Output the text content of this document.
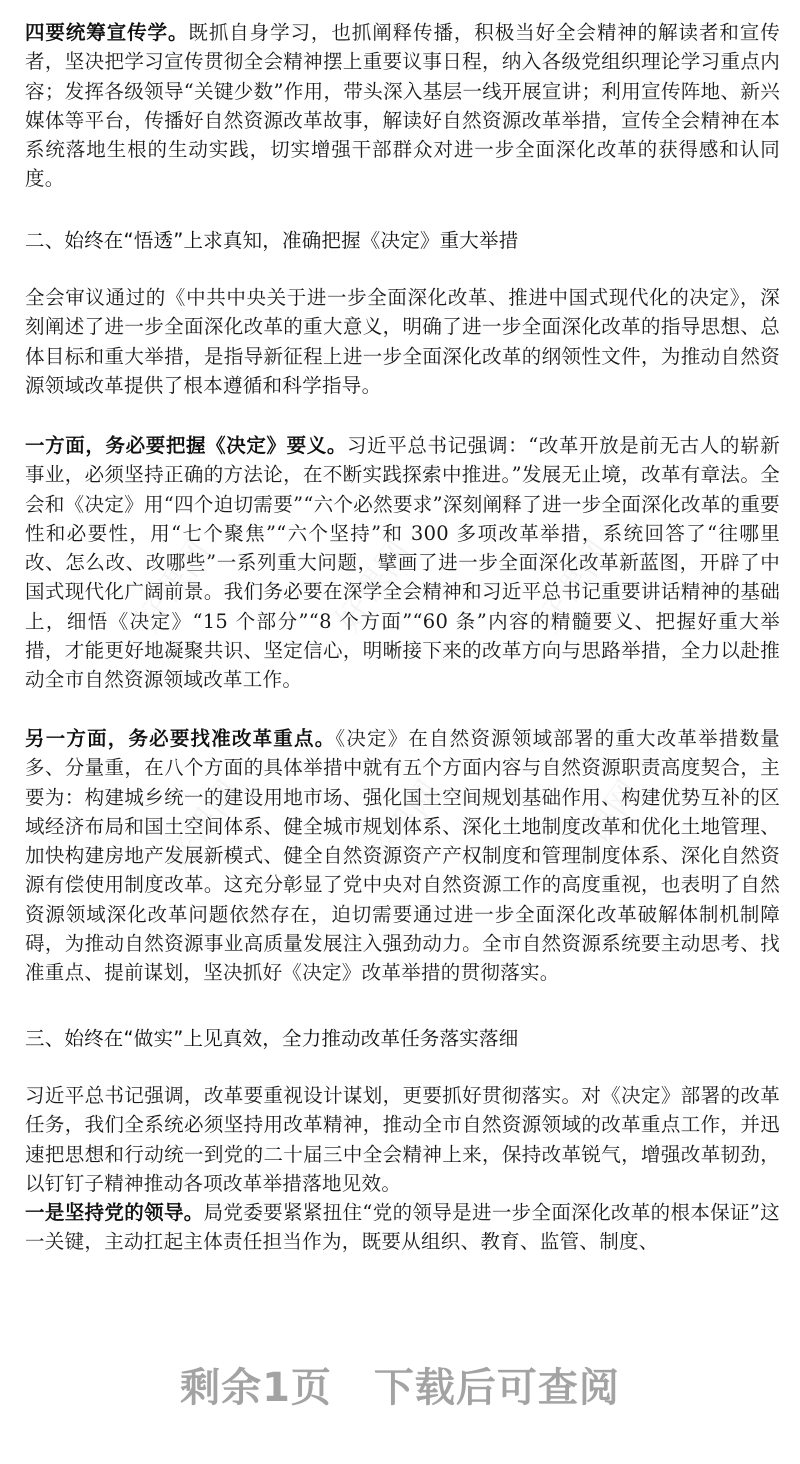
四要统筹宣传学。既抓自身学习，也抓阐释传播，积极当好全会精神的解读者和宣传者，坚决把学习宣传贯彻全会精神摆上重要议事日程，纳入各级党组织理论学习重点内容；发挥各级领导“关键少数”作用，带头深入基层一线开展宣讲；利用宣传阵地、新兴媒体等平台，传播好自然资源改革故事，解读好自然资源改革举措，宣传全会精神在本系统落地生根的生动实践，切实增强干部群众对进一步全面深化改革的获得感和认同度。

二、始终在“悟透”上求真知，准确把握《决定》重大举措

全会审议通过的《中共中央关于进一步全面深化改革、推进中国式现代化的决定》，深刻阐述了进一步全面深化改革的重大意义，明确了进一步全面深化改革的指导思想、总体目标和重大举措，是指导新征程上进一步全面深化改革的纲领性文件，为推动自然资源领域改革提供了根本遵循和科学指导。

一方面，务必要把握《决定》要义。习近平总书记强调：“改革开放是前无古人的崭新事业，必须坚持正确的方法论，在不断实践探索中推进。”发展无止境，改革有章法。全会和《决定》用“四个迫切需要”“六个必然要求”深刻阐释了进一步全面深化改革的重要性和必要性，用“七个聚焦”“六个坚持”和 300 多项改革举措，系统回答了“往哪里改、怎么改、改哪些”一系列重大问题，擘画了进一步全面深化改革新蓝图，开辟了中国式现代化广阔前景。我们务必要在深学全会精神和习近平总书记重要讲话精神的基础上，细悟《决定》“15 个部分”“8 个方面”“60 条”内容的精髓要义、把握好重大举措，才能更好地凝聚共识、坚定信心，明晰接下来的改革方向与思路举措，全力以赴推动全市自然资源领域改革工作。

另一方面，务必要找准改革重点。《决定》在自然资源领域部署的重大改革举措数量多、分量重，在八个方面的具体举措中就有五个方面内容与自然资源职责高度契合，主要为：构建城乡统一的建设用地市场、强化国土空间规划基础作用、构建优势互补的区域经济布局和国土空间体系、健全城市规划体系、深化土地制度改革和优化土地管理、加快构建房地产发展新模式、健全自然资源资产产权制度和管理制度体系、深化自然资源有偿使用制度改革。这充分彰显了党中央对自然资源工作的高度重视，也表明了自然资源领域深化改革问题依然存在，迫切需要通过进一步全面深化改革破解体制机制障碍，为推动自然资源事业高质量发展注入强劲动力。全市自然资源系统要主动思考、找准重点、提前谋划，坚决抓好《决定》改革举措的贯彻落实。

三、始终在“做实”上见真效，全力推动改革任务落实落细

习近平总书记强调，改革要重视设计谋划，更要抓好贯彻落实。对《决定》部署的改革任务，我们全系统必须坚持用改革精神，推动全市自然资源领域的改革重点工作，并迅速把思想和行动统一到党的二十届三中全会精神上来，保持改革锐气，增强改革韧劲，以钉钉子精神推动各项改革举措落地见效。

一是坚持党的领导。局党委要紧紧扭住“党的领导是进一步全面深化改革的根本保证”这一关键，主动扛起主体责任担当作为，既要从组织、教育、监管、制度、

好课网	好课网	好课网
好课网	好课网	好课网
剩余1页 下载后可查阅
